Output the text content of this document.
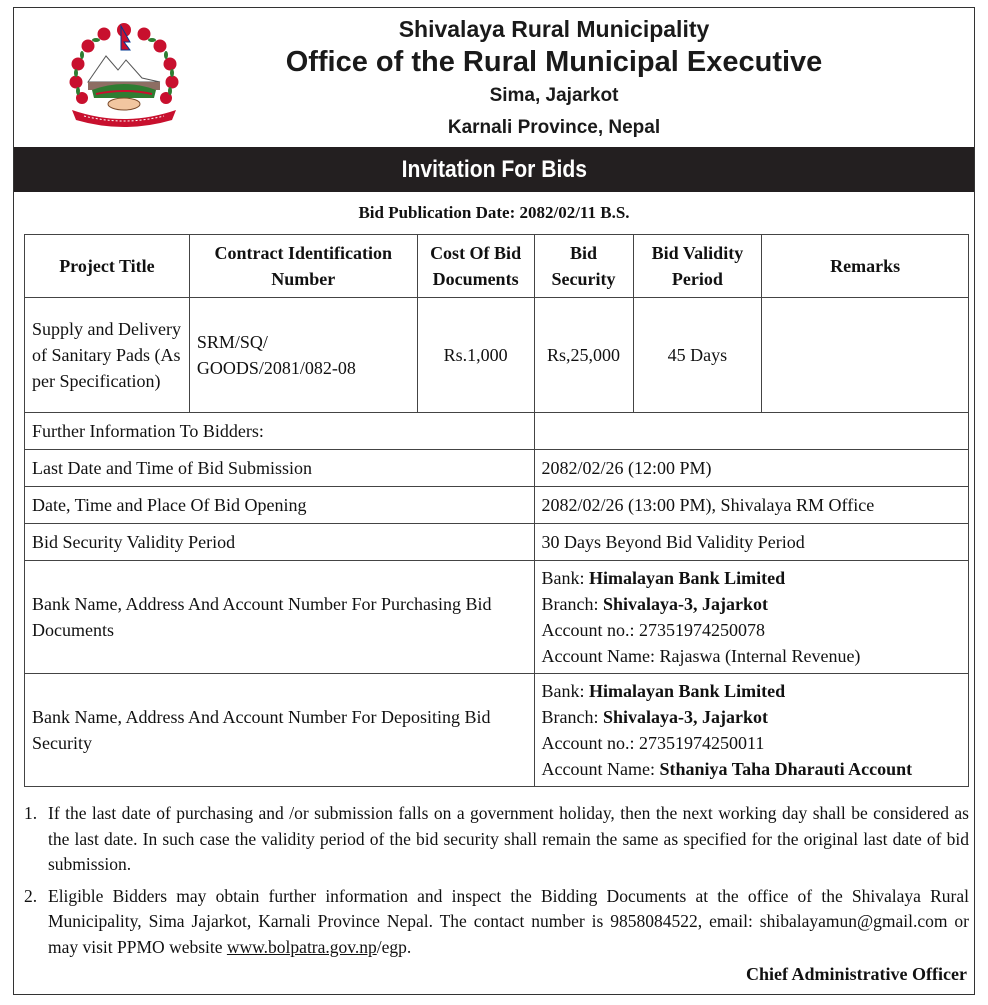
Shivalaya Rural Municipality
Office of the Rural Municipal Executive
Sima, Jajarkot
Karnali Province, Nepal
Invitation For Bids
Bid Publication Date: 2082/02/11 B.S.
Project Title	Contract Identification Number	Cost Of Bid Documents	Bid Security	Bid Validity Period	Remarks
Supply and Delivery of Sanitary Pads (As per Specification)	SRM/SQ/ GOODS/2081/082-08	Rs.1,000	Rs,25,000	45 Days	
Further Information To Bidders:					
Last Date and Time of Bid Submission			2082/02/26 (12:00 PM)		
Date, Time and Place Of Bid Opening			2082/02/26 (13:00 PM), Shivalaya RM Office		
Bid Security Validity Period			30 Days Beyond Bid Validity Period		
Bank Name, Address And Account Number For Purchasing Bid Documents			Bank: Himalayan Bank Limited
Branch: Shivalaya-3, Jajarkot
Account no.: 27351974250078
Account Name: Rajaswa (Internal Revenue)		

Bank Name, Address And Account Number For Depositing Bid Security			Bank: Himalayan Bank Limited
Branch: Shivalaya-3, Jajarkot
Account no.: 27351974250011
Account Name: Sthaniya Taha Dharauti Account		
1. If the last date of purchasing and /or submission falls on a government holiday, then the next working day shall be considered as the last date. In such case the validity period of the bid security shall remain the same as specified for the original last date of bid submission.
2. Eligible Bidders may obtain further information and inspect the Bidding Documents at the office of the Shivalaya Rural Municipality, Sima Jajarkot, Karnali Province Nepal. The contact number is 9858084522, email: shibalayamun@gmail.com or may visit PPMO website www.bolpatra.gov.np/egp.
Chief Administrative Officer
